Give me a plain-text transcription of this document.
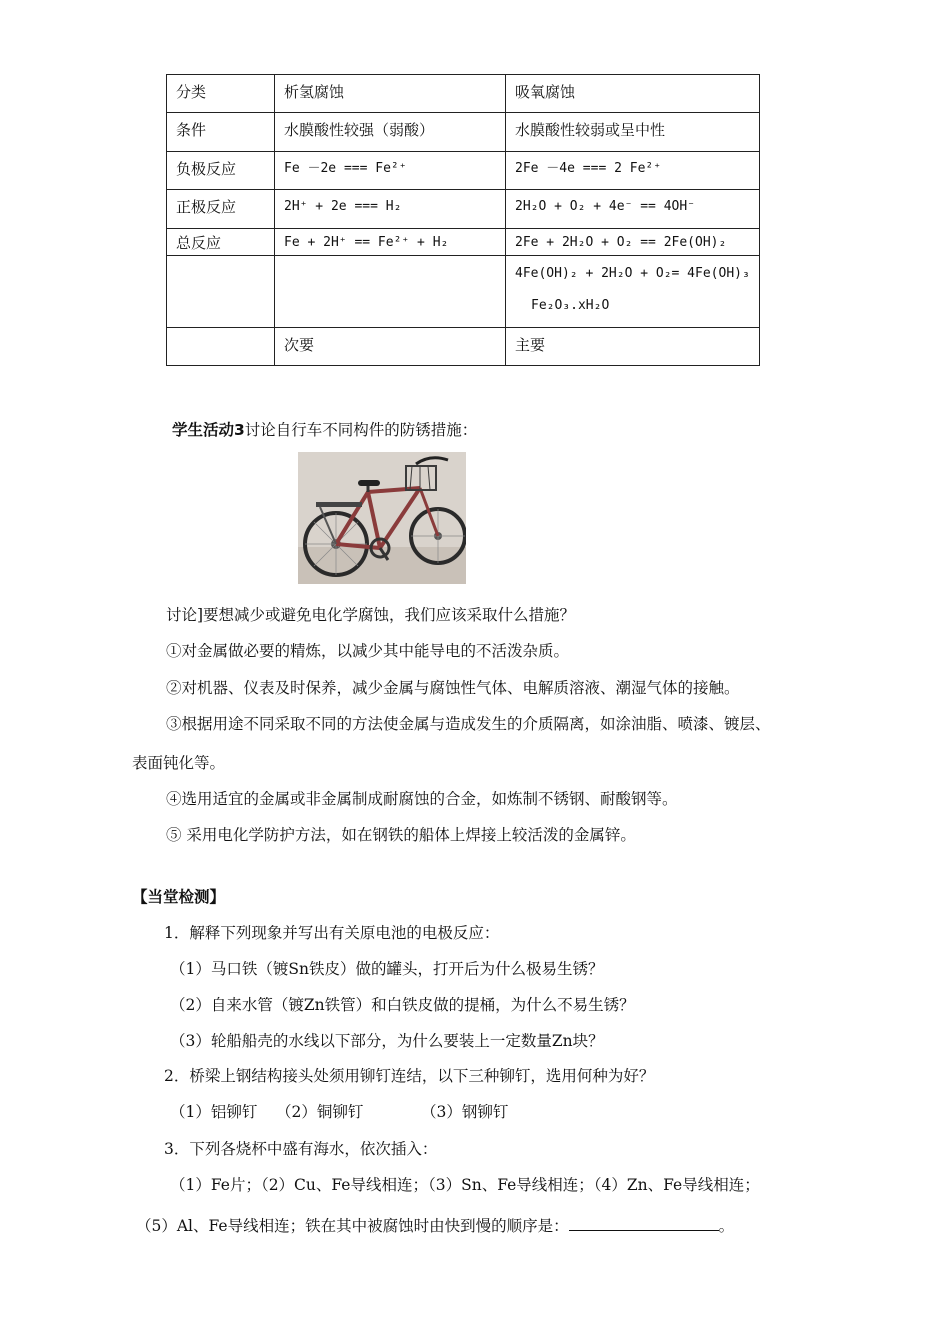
分类	析氢腐蚀	吸氧腐蚀
条件	水膜酸性较强（弱酸）	水膜酸性较弱或呈中性
负极反应	Fe －2e === Fe²⁺	2Fe －4e === 2 Fe²⁺
正极反应	2H⁺ + 2e === H₂	2H₂O + O₂ + 4e⁻ == 4OH⁻
总反应	Fe + 2H⁺ == Fe²⁺ + H₂	2Fe + 2H₂O + O₂ == 2Fe(OH)₂

		4Fe(OH)₂ + 2H₂O + O₂= 4Fe(OH)₃
Fe₂O₃.xH₂O

	次要	主要
学生活动3讨论自行车不同构件的防锈措施：
讨论]要想减少或避免电化学腐蚀，我们应该采取什么措施？
①对金属做必要的精炼，以减少其中能导电的不活泼杂质。
②对机器、仪表及时保养，减少金属与腐蚀性气体、电解质溶液、潮湿气体的接触。
③根据用途不同采取不同的方法使金属与造成发生的介质隔离，如涂油脂、喷漆、镀层、
表面钝化等。
④选用适宜的金属或非金属制成耐腐蚀的合金，如炼制不锈钢、耐酸钢等。
⑤ 采用电化学防护方法，如在钢铁的船体上焊接上较活泼的金属锌。
【当堂检测】
1．解释下列现象并写出有关原电池的电极反应：
（1）马口铁（镀Sn铁皮）做的罐头，打开后为什么极易生锈？
（2）自来水管（镀Zn铁管）和白铁皮做的提桶，为什么不易生锈？
（3）轮船船壳的水线以下部分，为什么要装上一定数量Zn块？
2．桥梁上钢结构接头处须用铆钉连结，以下三种铆钉，选用何种为好？
（1）铝铆钉 （2）铜铆钉	（3）钢铆钉
3．下列各烧杯中盛有海水，依次插入：
（1）Fe片；（2）Cu、Fe导线相连；（3）Sn、Fe导线相连；（4）Zn、Fe导线相连；
（5）Al、Fe导线相连；铁在其中被腐蚀时由快到慢的顺序是：	。
